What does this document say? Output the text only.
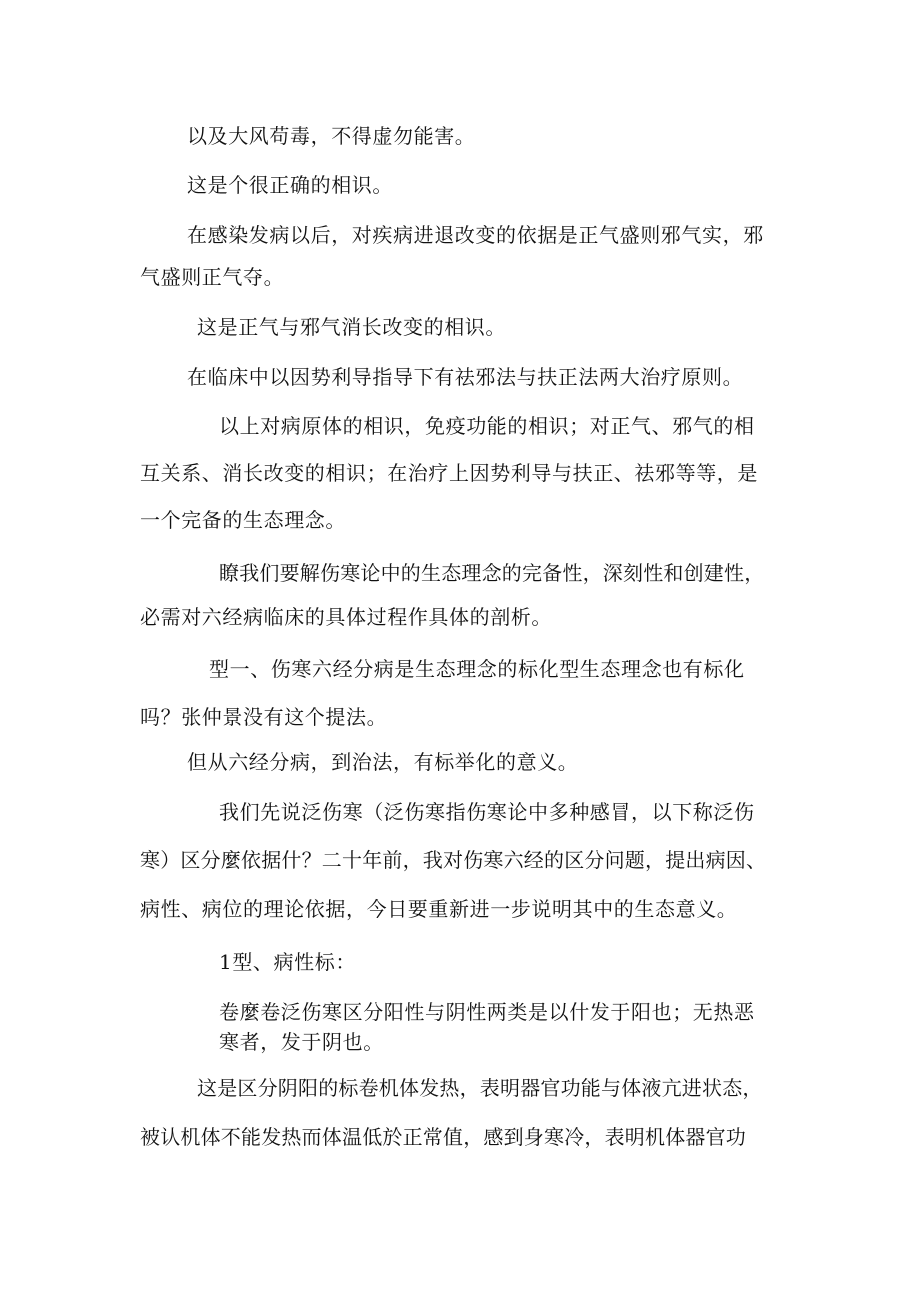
以及大风苟毒，不得虚勿能害。
这是个很正确的相识。
在感染发病以后，对疾病进退改变的依据是正气盛则邪气实，邪
气盛则正气夺。
这是正气与邪气消长改变的相识。
在临床中以因势利导指导下有祛邪法与扶正法两大治疗原则。
以上对病原体的相识，免疫功能的相识；对正气、邪气的相
互关系、消长改变的相识；在治疗上因势利导与扶正、祛邪等等，是
一个完备的生态理念。
瞭我们要解伤寒论中的生态理念的完备性，深刻性和创建性，
必需对六经病临床的具体过程作具体的剖析。
型一、伤寒六经分病是生态理念的标化型生态理念也有标化
吗？张仲景没有这个提法。
但从六经分病，到治法，有标举化的意义。
我们先说泛伤寒（泛伤寒指伤寒论中多种感冒，以下称泛伤
寒）区分麼依据什？二十年前，我对伤寒六经的区分问题，提出病因、
病性、病位的理论依据，今日要重新进一步说明其中的生态意义。
1型、病性标：
卷麼卷泛伤寒区分阳性与阴性两类是以什发于阳也；无热恶
寒者，发于阴也。
这是区分阴阳的标卷机体发热，表明器官功能与体液亢进状态，
被认机体不能发热而体温低於正常值，感到身寒冷，表明机体器官功
